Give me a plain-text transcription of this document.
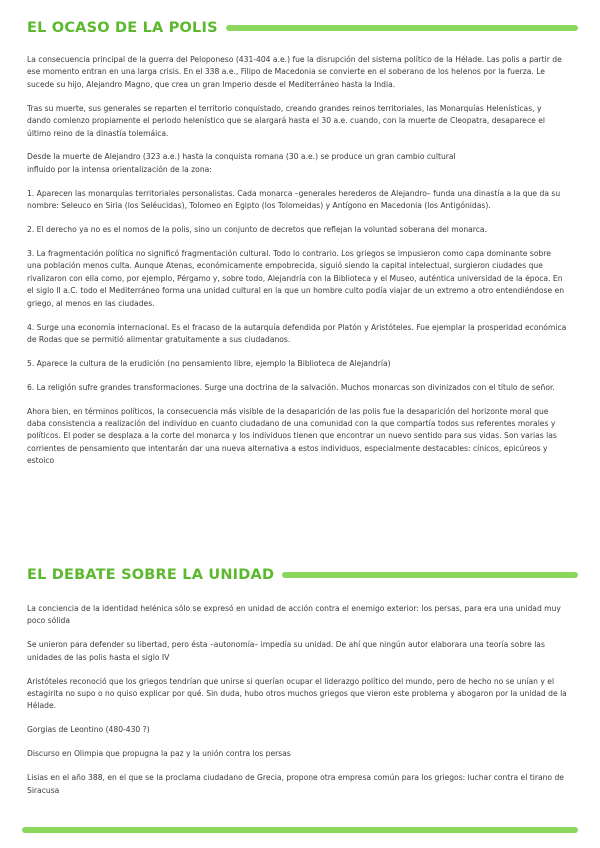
EL OCASO DE LA POLIS

La consecuencia principal de la guerra del Peloponeso (431-404 a.e.) fue la disrupción del sistema político de la Hélade. Las polis a partir de ese momento entran en una larga crisis. En el 338 a.e., Filipo de Macedonia se convierte en el soberano de los helenos por la fuerza. Le sucede su hijo, Alejandro Magno, que crea un gran Imperio desde el Mediterráneo hasta la India.

Tras su muerte, sus generales se reparten el territorio conquistado, creando grandes reinos territoriales, las Monarquías Helenísticas, y dando comienzo propiamente el periodo helenístico que se alargará hasta el 30 a.e. cuando, con la muerte de Cleopatra, desaparece el último reino de la dinastía tolemáica.

Desde la muerte de Alejandro (323 a.e.) hasta la conquista romana (30 a.e.) se produce un gran cambio cultural influido por la intensa orientalización de la zona:

1. Aparecen las monarquías territoriales personalistas. Cada monarca –generales herederos de Alejandro– funda una dinastía a la que da su nombre: Seleuco en Siria (los Seléucidas), Tolomeo en Egipto (los Tolomeidas) y Antígono en Macedonia (los Antigónidas).

2. El derecho ya no es el nomos de la polis, sino un conjunto de decretos que reflejan la voluntad soberana del monarca.

3. La fragmentación política no significó fragmentación cultural. Todo lo contrario. Los griegos se impusieron como capa dominante sobre una población menos culta. Aunque Atenas, económicamente empobrecida, siguió siendo la capital intelectual, surgieron ciudades que rivalizaron con ella como, por ejemplo, Pérgamo y, sobre todo, Alejandría con la Biblioteca y el Museo, auténtica universidad de la época. En el siglo II a.C. todo el Mediterráneo forma una unidad cultural en la que un hombre culto podía viajar de un extremo a otro entendiéndose en griego, al menos en las ciudades.

4. Surge una economía internacional. Es el fracaso de la autarquía defendida por Platón y Aristóteles. Fue ejemplar la prosperidad económica de Rodas que se permitió alimentar gratuitamente a sus ciudadanos.

5. Aparece la cultura de la erudición (no pensamiento libre, ejemplo la Biblioteca de Alejandría)

6. La religión sufre grandes transformaciones. Surge una doctrina de la salvación. Muchos monarcas son divinizados con el título de señor.

Ahora bien, en términos políticos, la consecuencia más visible de la desaparición de las polis fue la desaparición del horizonte moral que daba consistencia a realización del individuo en cuanto ciudadano de una comunidad con la que compartía todos sus referentes morales y políticos. El poder se desplaza a la corte del monarca y los individuos tienen que encontrar un nuevo sentido para sus vidas. Son varias las corrientes de pensamiento que intentarán dar una nueva alternativa a estos individuos, especialmente destacables: cínicos, epicúreos y estoico

EL DEBATE SOBRE LA UNIDAD

La conciencia de la identidad helénica sólo se expresó en unidad de acción contra el enemigo exterior: los persas, para era una unidad muy poco sólida

Se unieron para defender su libertad, pero ésta –autonomía– impedía su unidad. De ahí que ningún autor elaborara una teoría sobre las unidades de las polis hasta el siglo IV

Aristóteles reconoció que los griegos tendrían que unirse si querían ocupar el liderazgo político del mundo, pero de hecho no se unían y el estagirita no supo o no quiso explicar por qué. Sin duda, hubo otros muchos griegos que vieron este problema y abogaron por la unidad de la Hélade.

Gorgias de Leontino (480-430 ?)

Discurso en Olimpia que propugna la paz y la unión contra los persas

Lisias en el año 388, en el que se la proclama ciudadano de Grecia, propone otra empresa común para los griegos: luchar contra el tirano de Siracusa
